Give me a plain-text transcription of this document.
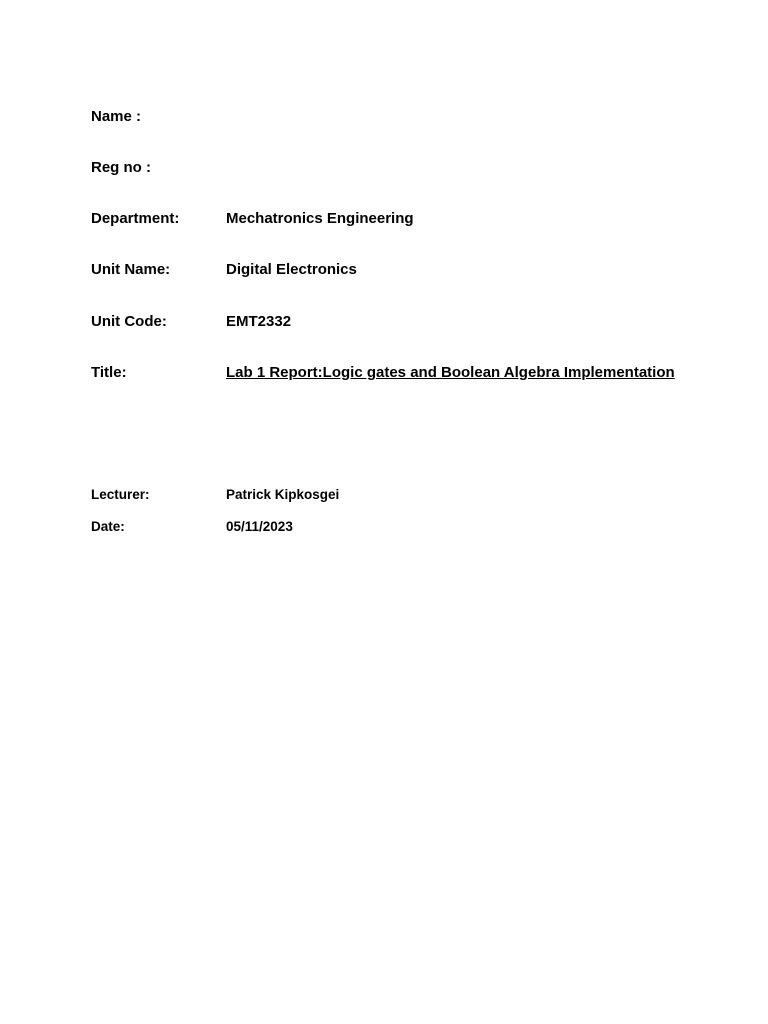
Name :
Reg no :
Department:	Mechatronics Engineering
Unit Name:	Digital Electronics
Unit Code:	EMT2332
Title:	Lab 1 Report:Logic gates and Boolean Algebra Implementation
Lecturer:	Patrick Kipkosgei
Date:	05/11/2023
